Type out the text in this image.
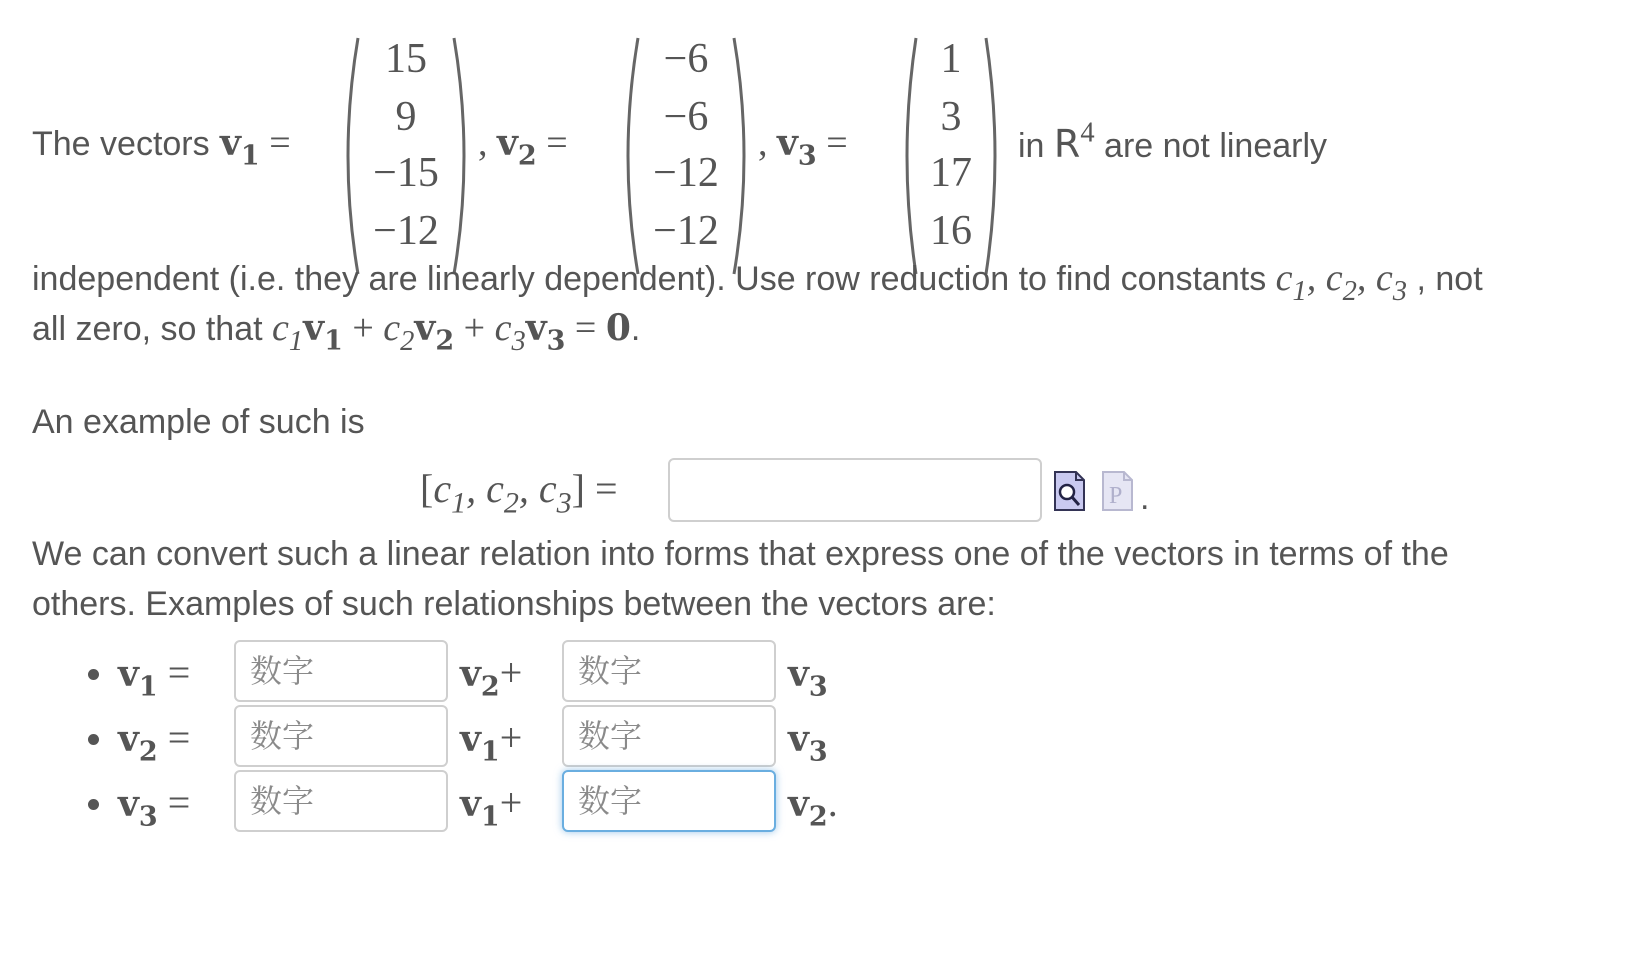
The vectors $v_1$ =
15
9
−15
−12
, $v_2$ =
−6
−6
−12
−12
, $v_3$ =
1
3
17
16
in $R^4$ are not linearly
independent (i.e. they are linearly dependent). Use row reduction to find constants $c_1$, $c_2$, $c_3$ , not
all zero, so that $c_1v_1 + c_2v_2 + c_3v_3 = 0$.
An example of such is
[$c_1$, $c_2$, $c_3$] =	P .
We can convert such a linear relation into forms that express one of the vectors in terms of the
others. Examples of such relationships between the vectors are:
$v_1$ =
数字	$v_2+$
数字	$v_3$
$v_2$ =
数字	$v_1+$
数字	$v_3$
$v_3$ =
数字	$v_1+$
数字	$v_2$.
